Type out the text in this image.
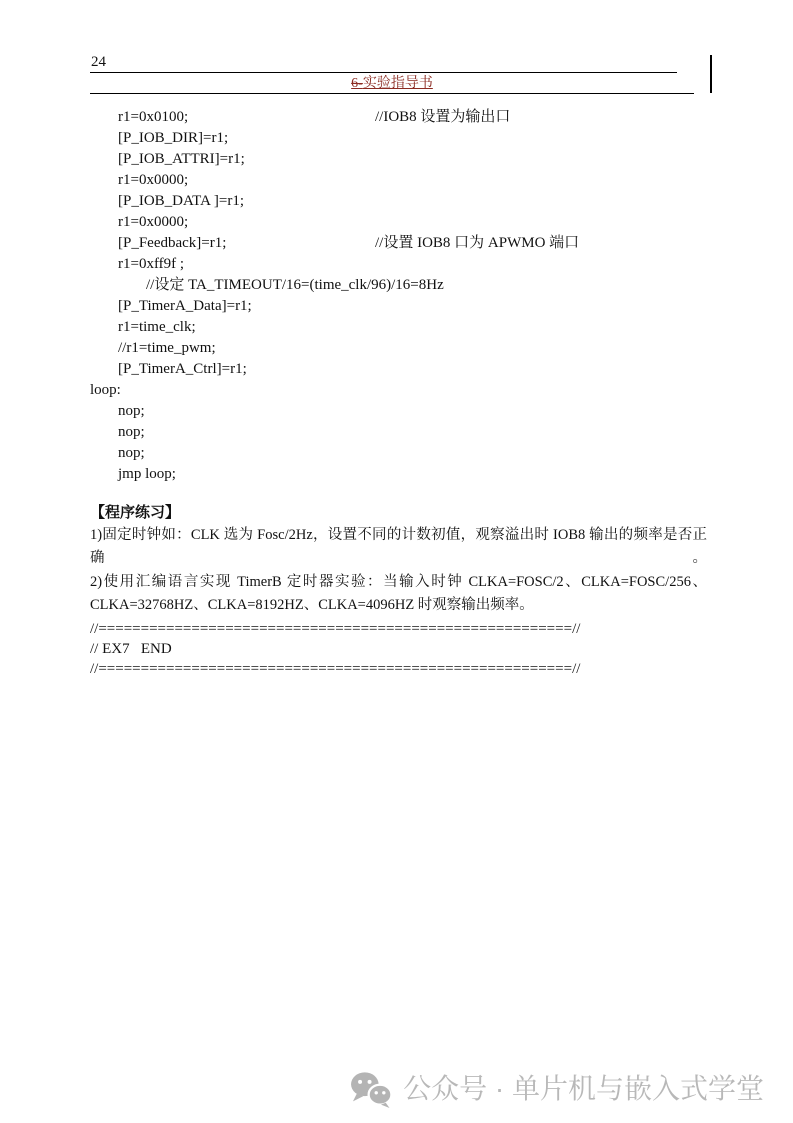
24
6-实验指导书
r1=0x0100;	//IOB8 设置为输出口
[P_IOB_DIR]=r1;
[P_IOB_ATTRI]=r1;
r1=0x0000;
[P_IOB_DATA ]=r1;
r1=0x0000;
[P_Feedback]=r1;	//设置 IOB8 口为 APWMO 端口
r1=0xff9f ;
//设定 TA_TIMEOUT/16=(time_clk/96)/16=8Hz
[P_TimerA_Data]=r1;
r1=time_clk;
//r1=time_pwm;
[P_TimerA_Ctrl]=r1;
loop:
nop;
nop;
nop;
jmp loop;
【程序练习】
1)固定时钟如：CLK 选为 Fosc/2Hz，设置不同的计数初值，观察溢出时 IOB8 输出的频率是否正确。
2)使用汇编语言实现 TimerB 定时器实验：当输入时钟 CLKA=FOSC/2、CLKA=FOSC/256、
CLKA=32768HZ、CLKA=8192HZ、CLKA=4096HZ 时观察输出频率。
//========================================================//
// EX7   END
//========================================================//
公众号 · 单片机与嵌入式学堂
